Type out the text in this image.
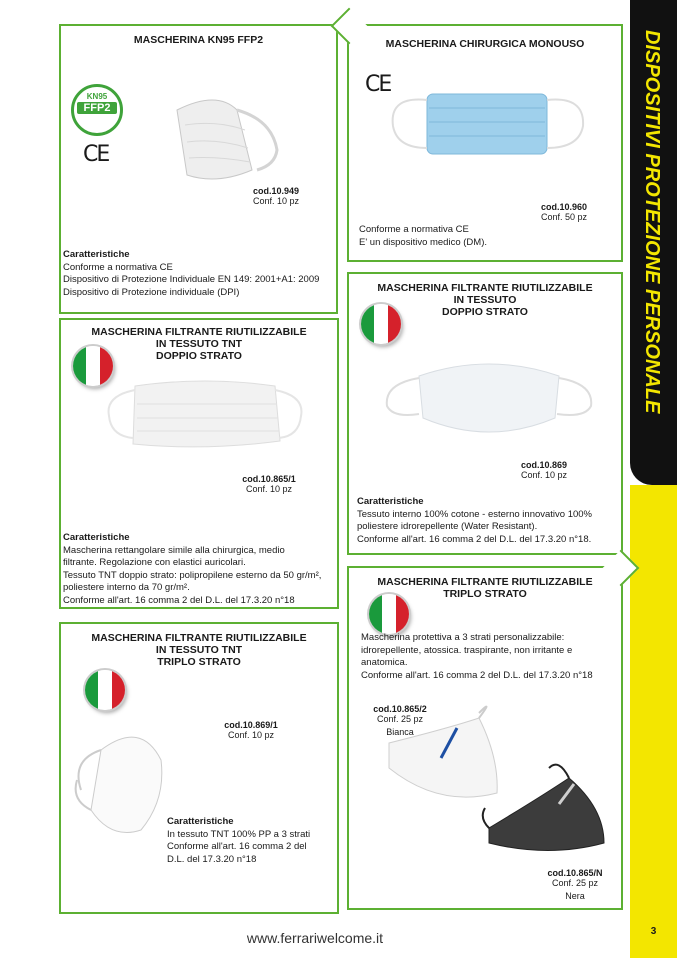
DISPOSITIVI PROTEZIONE PERSONALE
3
www.ferrariwelcome.it
MASCHERINA KN95 FFP2
KN95
FFP2
CE
cod.10.949
Conf. 10 pz
Caratteristiche
Conforme a normativa CE
Dispositivo di Protezione Individuale EN 149: 2001+A1: 2009
Dispositivo di Protezione individuale (DPI)
MASCHERINA CHIRURGICA MONOUSO
CE
cod.10.960
Conf. 50 pz
Conforme a normativa CE
E' un dispositivo medico (DM).
MASCHERINA FILTRANTE RIUTILIZZABILE
IN TESSUTO TNT
DOPPIO STRATO
cod.10.865/1
Conf. 10 pz
Caratteristiche
Mascherina rettangolare simile alla chirurgica, medio
filtrante. Regolazione con elastici auricolari.
Tessuto TNT doppio strato: polipropilene esterno da 50 gr/m²,
poliestere interno da 70 gr/m².
Conforme all'art. 16 comma 2 del D.L. del 17.3.20 n°18
MASCHERINA FILTRANTE RIUTILIZZABILE
IN TESSUTO
DOPPIO STRATO
cod.10.869
Conf. 10 pz
Caratteristiche
Tessuto interno 100% cotone - esterno innovativo 100%
poliestere idrorepellente (Water Resistant).
Conforme all'art. 16 comma 2 del D.L. del 17.3.20 n°18.
MASCHERINA FILTRANTE RIUTILIZZABILE
IN TESSUTO TNT
TRIPLO STRATO
cod.10.869/1
Conf. 10 pz
Caratteristiche
In tessuto TNT 100% PP a 3 strati
Conforme all'art. 16 comma 2 del
D.L. del 17.3.20 n°18
MASCHERINA FILTRANTE RIUTILIZZABILE
TRIPLO STRATO
Mascherina protettiva a 3 strati personalizzabile:
idrorepellente, atossica. traspirante, non irritante e
anatomica.
Conforme all'art. 16 comma 2 del D.L. del 17.3.20 n°18
cod.10.865/2
Conf. 25 pz
Bianca
cod.10.865/N
Conf. 25 pz
Nera
